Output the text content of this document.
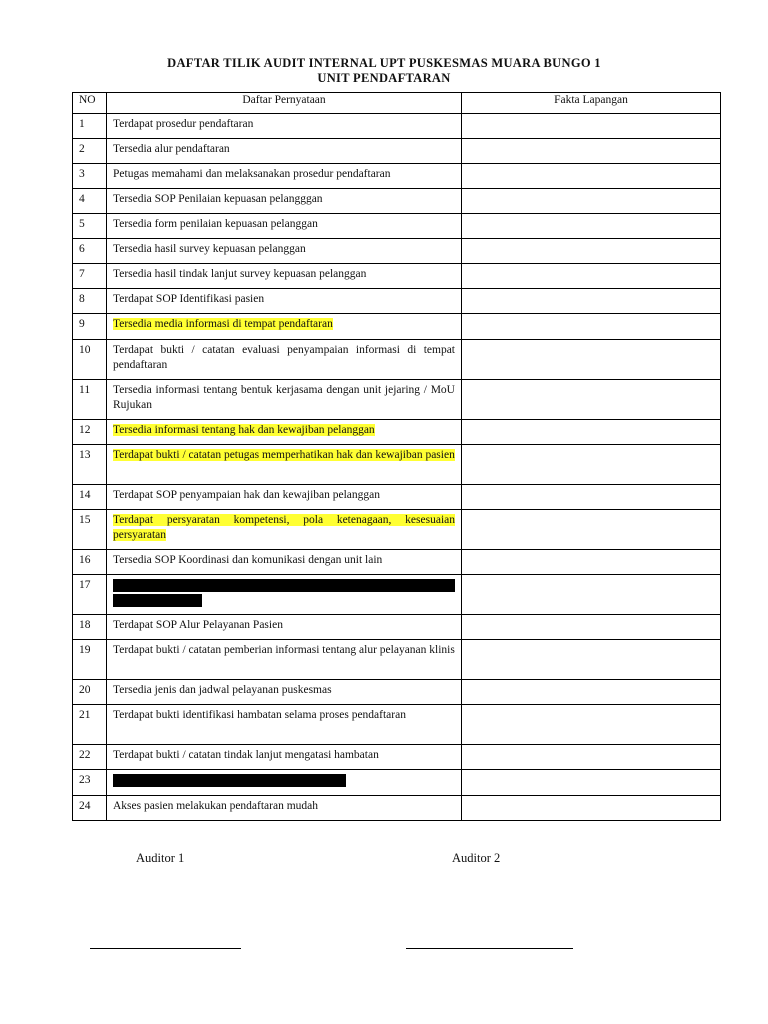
DAFTAR TILIK AUDIT INTERNAL UPT PUSKESMAS MUARA BUNGO 1
UNIT PENDAFTARAN
NO	Daftar Pernyataan	Fakta Lapangan
1	Terdapat prosedur pendaftaran	
2	Tersedia alur pendaftaran	
3	Petugas memahami dan melaksanakan prosedur pendaftaran	
4	Tersedia SOP Penilaian kepuasan pelangggan	
5	Tersedia form penilaian kepuasan pelanggan	
6	Tersedia hasil survey kepuasan pelanggan	
7	Tersedia hasil tindak lanjut survey kepuasan pelanggan	
8	Terdapat SOP Identifikasi pasien	
9	Tersedia media informasi di tempat pendaftaran	
10	Terdapat bukti / catatan evaluasi penyampaian informasi di tempat pendaftaran	
11	Tersedia informasi tentang bentuk kerjasama dengan unit jejaring / MoU Rujukan	
12	Tersedia informasi tentang hak dan kewajiban pelanggan	
13	Terdapat bukti / catatan petugas memperhatikan hak dan kewajiban pasien	
14	Terdapat SOP penyampaian hak dan kewajiban pelanggan	
15	Terdapat persyaratan kompetensi, pola ketenagaan, kesesuaian persyaratan	
16	Tersedia SOP Koordinasi dan komunikasi dengan unit lain	
17	

18	Terdapat SOP Alur Pelayanan Pasien	
19	Terdapat bukti / catatan pemberian informasi tentang alur pelayanan klinis	
20	Tersedia jenis dan jadwal pelayanan puskesmas	
21	Terdapat bukti identifikasi hambatan selama proses pendaftaran	
22	Terdapat bukti / catatan tindak lanjut mengatasi hambatan	
23		
24	Akses pasien melakukan pendaftaran mudah	
Auditor 1	Auditor 2
